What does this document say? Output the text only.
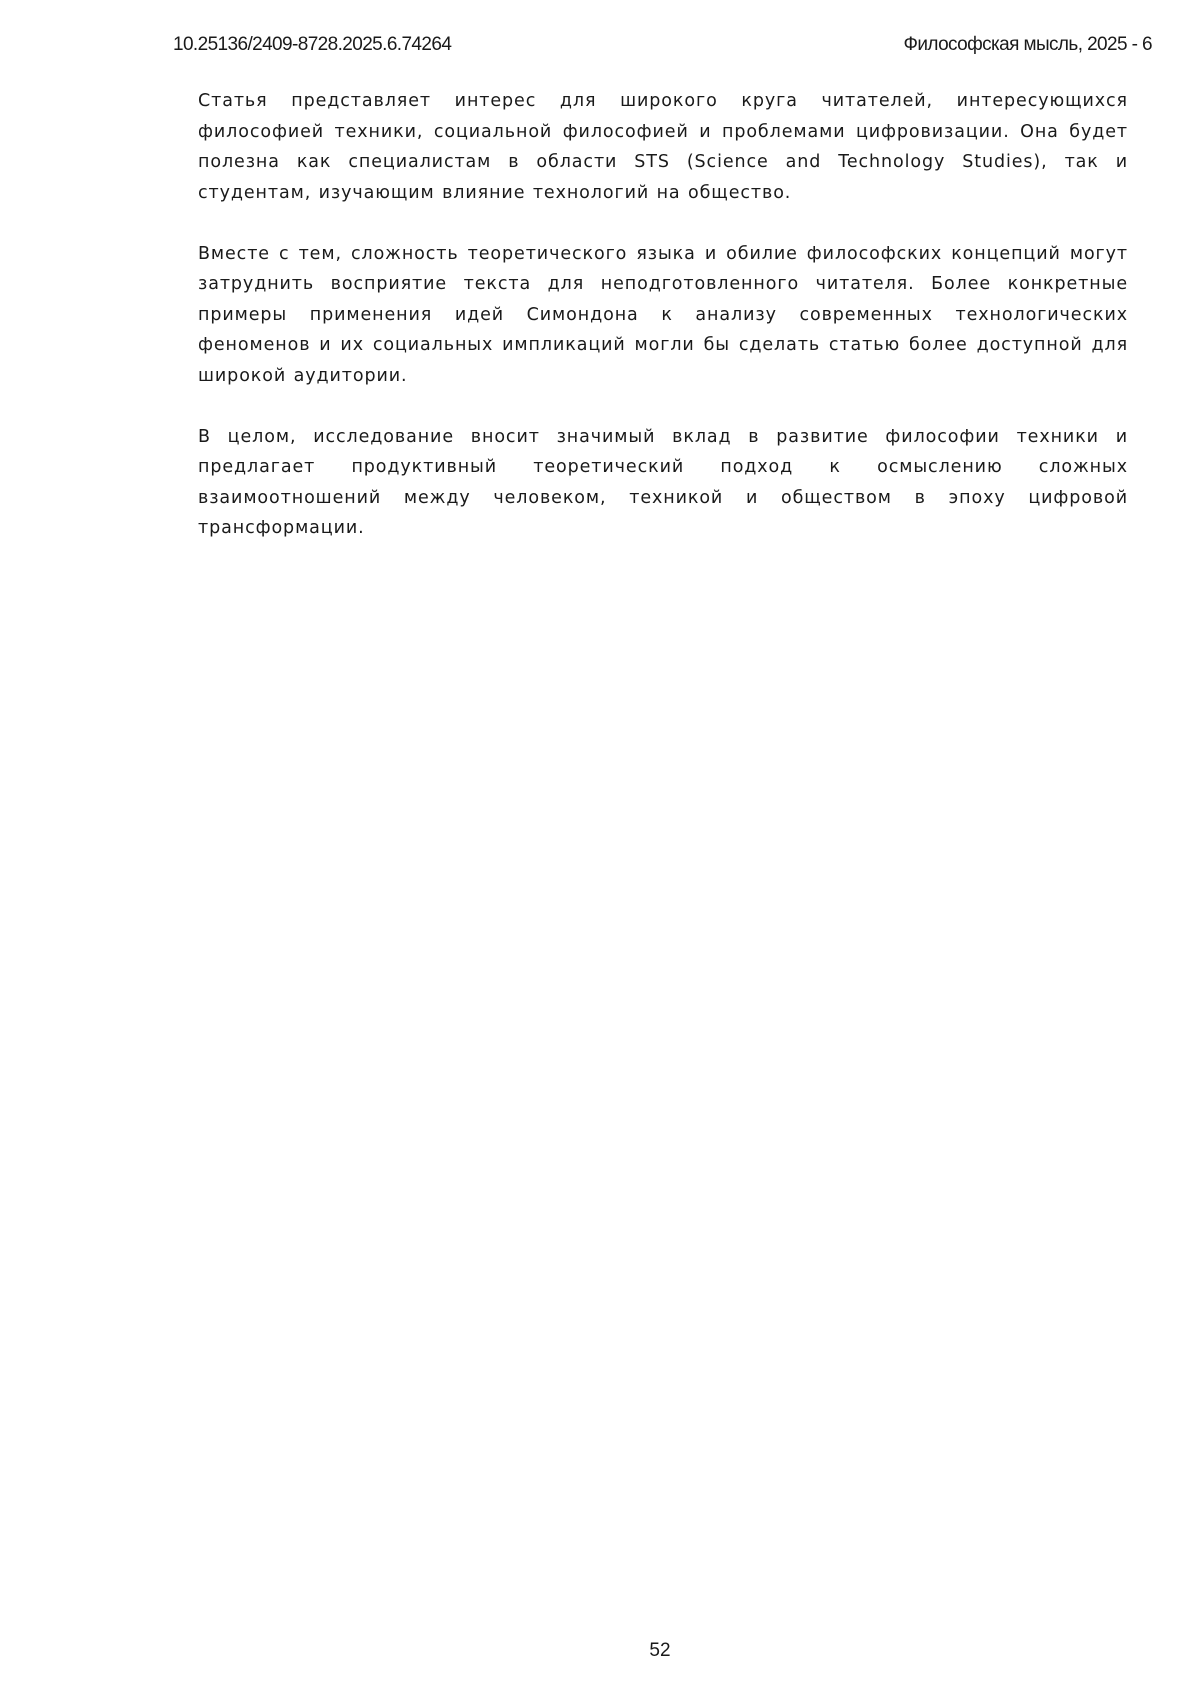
10.25136/2409-8728.2025.6.74264	Философская мысль, 2025 - 6

Статья представляет интерес для широкого круга читателей, интересующихся философией техники, социальной философией и проблемами цифровизации. Она будет полезна как специалистам в области STS (Science and Technology Studies), так и студентам, изучающим влияние технологий на общество.

Вместе с тем, сложность теоретического языка и обилие философских концепций могут затруднить восприятие текста для неподготовленного читателя. Более конкретные примеры применения идей Симондона к анализу современных технологических феноменов и их социальных импликаций могли бы сделать статью более доступной для широкой аудитории.

В целом, исследование вносит значимый вклад в развитие философии техники и предлагает продуктивный теоретический подход к осмыслению сложных взаимоотношений между человеком, техникой и обществом в эпоху цифровой трансформации.

52
